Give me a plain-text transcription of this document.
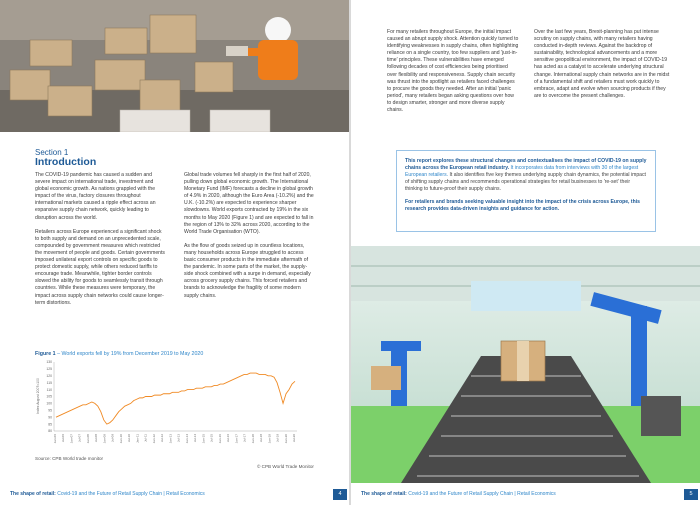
Section 1
Introduction

The COVID-19 pandemic has caused a sudden and severe impact on international trade, investment and global economic growth. As nations grappled with the impact of the virus, factory closures throughout international markets caused a ripple effect across an expansive supply chain network, quickly leading to disruption across the world.

Retailers across Europe experienced a significant shock to both supply and demand on an unprecedented scale, compounded by government measures which restricted the movement of people and goods. Certain governments imposed unilateral export controls on specific goods to protect domestic supply, while others reduced tariffs to encourage trade. Meanwhile, tighter border controls slowed the ability for goods to seamlessly transit through countries. While these measures were temporary, the impact across supply chain networks could cause longer-term distortions.

Global trade volumes fell sharply in the first half of 2020, pulling down global economic growth. The International Monetary Fund (IMF) forecasts a decline in global growth of 4.9% in 2020, although the Euro Area (-10.2%) and the U.K. (-10.2%) are expected to experience sharper slowdowns. World exports contracted by 19% in the six months to May 2020 (Figure 1) and are expected to fall in the region of 13% to 32% across 2020, according to the World Trade Organisation (WTO).

As the flow of goods seized up in countless locations, many households across Europe struggled to access basic consumer products in the immediate aftermath of the pandemic. In some parts of the market, the supply-side shock combined with a surge in demand, especially across grocery supply chains. This forced retailers and brands to acknowledge the fragility of some modern supply chains.

Figure 1 – World exports fell by 19% from December 2019 to May 2020
Index August 2007=100
130
125
120
115
110
105
100
95
90
85
80
Jan-06 Jul-06 Jan-07 Jul-07 Jan-08 Jul-08 Jan-09 Jul-09 Jan-10 Jul-10 Jan-11 Jul-11 Jan-12 Jul-12 Jan-13 Jul-13 Jan-14 Jul-14 Jan-15 Jul-15 Jan-16 Jul-16 Jan-17 Jul-17 Jan-18 Jul-18 Jan-19 Jul-19 Jan-20 Jul-20
Source: CPB World trade monitor
© CPB World Trade Monitor
The shape of retail: Covid-19 and the Future of Retail Supply Chain | Retail Economics	4

For many retailers throughout Europe, the initial impact caused an abrupt supply shock. Attention quickly turned to identifying weaknesses in supply chains, often highlighting reliance on a single country, too few suppliers and 'just-in-time' principles. These vulnerabilities have emerged following decades of cost efficiencies being prioritised over flexibility and responsiveness. Supply chain security was thrust into the spotlight as retailers faced challenges to procure the goods they needed. After an initial 'panic period', many retailers began asking questions over how to design smarter, stronger and more diverse supply chains.

Over the last few years, Brexit-planning has put intense scrutiny on supply chains, with many retailers having conducted in-depth reviews. Against the backdrop of sustainability, technological advancements and a more sensitive geopolitical environment, the impact of COVID-19 has acted as a catalyst to accelerate underlying structural change. International supply chain networks are in the midst of a fundamental shift and retailers must work quickly to embrace, adapt and evolve when sourcing products if they are to overcome the present challenges.

This report explores these structural changes and contextualises the impact of COVID-19 on supply chains across the European retail industry. It incorporates data from interviews with 30 of the largest European retailers. It also identifies five key themes underlying supply chain dynamics, the potential impact of shifting supply chains and recommends operational strategies for retail businesses to 're-set' their thinking to future-proof their supply chains.

For retailers and brands seeking valuable insight into the impact of the crisis across Europe, this research provides data-driven insights and guidance for action.

The shape of retail: Covid-19 and the Future of Retail Supply Chain | Retail Economics	5
